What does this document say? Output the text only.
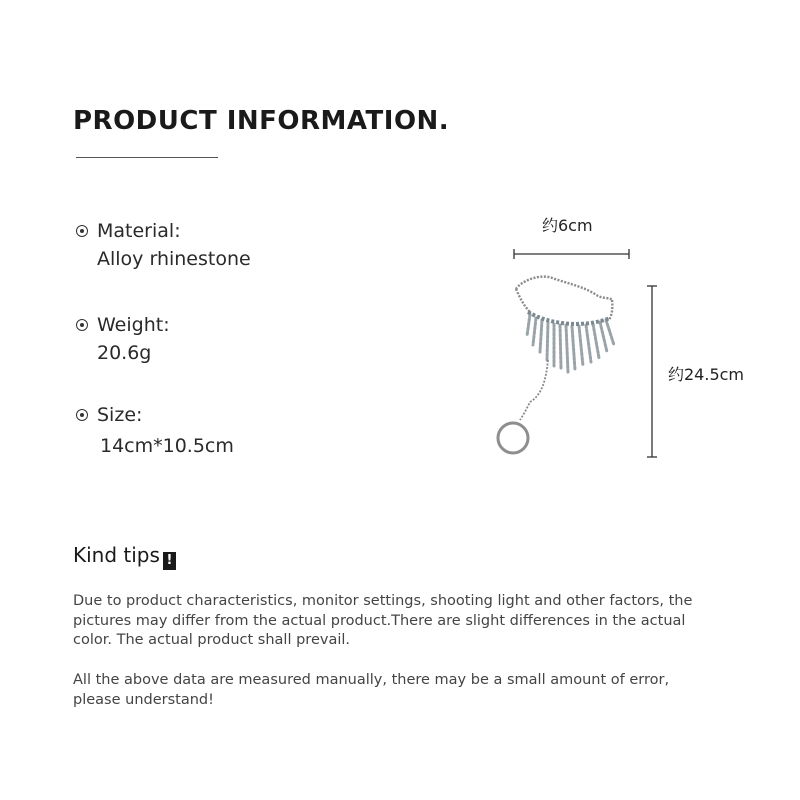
PRODUCT INFORMATION.
Material:
Alloy rhinestone
Weight:
20.6g
Size:
14cm*10.5cm
约6cm
约24.5cm
Kind tips !

Due to product characteristics, monitor settings, shooting light and other factors, the pictures may differ from the actual product.There are slight differences in the actual color. The actual product shall prevail.

All the above data are measured manually, there may be a small amount of error, please understand!
